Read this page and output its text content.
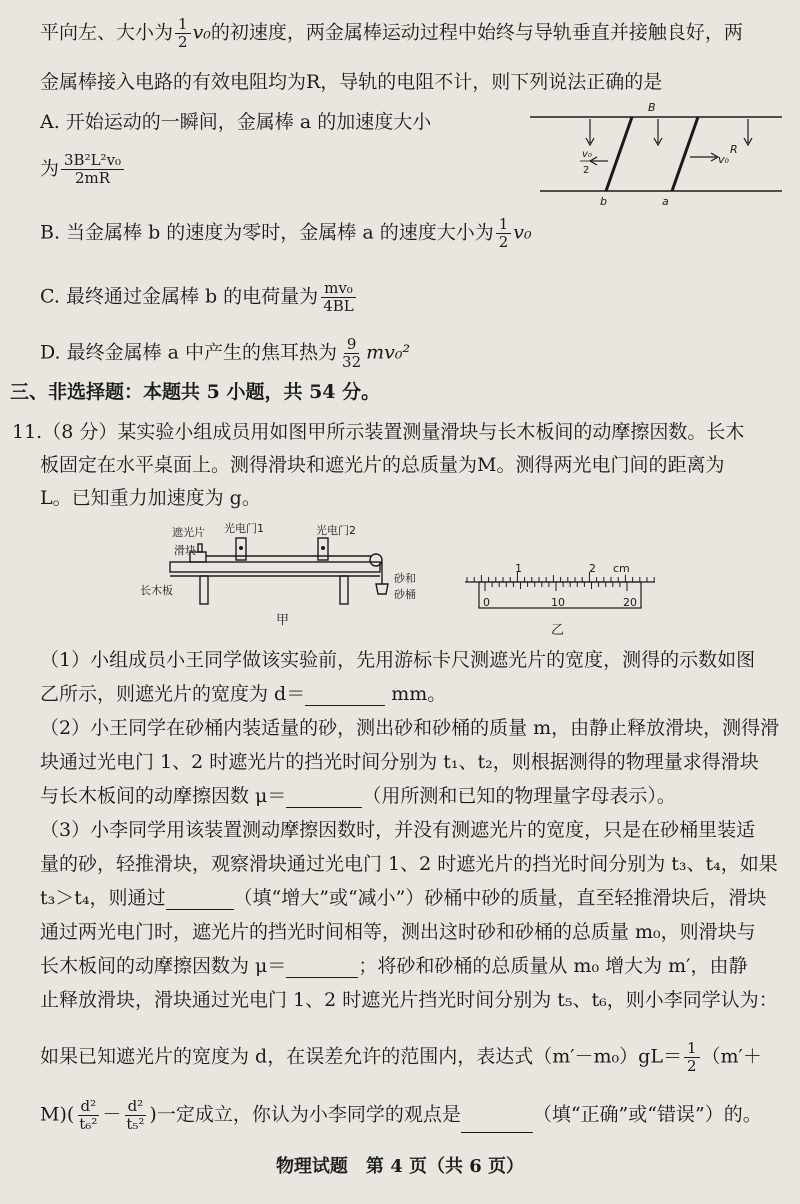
平向左、大小为 $\frac{1}{2} v_0$的初速度，两金属棒运动过程中始终与导轨垂直并接触良好，两
金属棒接入电路的有效电阻均为R，导轨的电阻不计，则下列说法正确的是
A. 开始运动的一瞬间，金属棒 a 的加速度大小
为 $\frac{\text{3B²L²v₀}}{2mR}$
B
R
v₀
v₀
2
b	a
B. 当金属棒 b 的速度为零时，金属棒 a 的速度大小为 $\frac{1}{2} v_0$
C. 最终通过金属棒 b 的电荷量为 $\frac{\text{mv₀}}{4BL}$
D. 最终金属棒 a 中产生的焦耳热为 $\frac{9}{32} mv_0^2$
三、非选择题：本题共 5 小题，共 54 分。
11.（8 分）某实验小组成员用如图甲所示装置测量滑块与长木板间的动摩擦因数。长木
板固定在水平桌面上。测得滑块和遮光片的总质量为M。测得两光电门间的距离为
L。已知重力加速度为 g。
遮光片
滑块
光电门1	光电门2
长木板
砂和
砂桶
甲
1	2 cm
0	10	20
乙
（1）小组成员小王同学做该实验前，先用游标卡尺测遮光片的宽度，测得的示数如图
乙所示，则遮光片的宽度为 d＝	mm。
（2）小王同学在砂桶内装适量的砂，测出砂和砂桶的质量 m，由静止释放滑块，测得滑
块通过光电门 1、2 时遮光片的挡光时间分别为 t₁、t₂，则根据测得的物理量求得滑块
与长木板间的动摩擦因数 μ＝	（用所测和已知的物理量字母表示）。
（3）小李同学用该装置测动摩擦因数时，并没有测遮光片的宽度，只是在砂桶里装适
量的砂，轻推滑块，观察滑块通过光电门 1、2 时遮光片的挡光时间分别为 t₃、t₄，如果
t₃＞t₄，则通过	（填“增大”或“减小”）砂桶中砂的质量，直至轻推滑块后，滑块
通过两光电门时，遮光片的挡光时间相等，测出这时砂和砂桶的总质量 m₀，则滑块与
长木板间的动摩擦因数为 μ＝	；将砂和砂桶的总质量从 m₀ 增大为 m′，由静
止释放滑块，滑块通过光电门 1、2 时遮光片挡光时间分别为 t₅、t₆，则小李同学认为：
如果已知遮光片的宽度为 d，在误差允许的范围内，表达式$(m'-m_0)gL= \frac{1}{2} (m'+$
$M)( \frac{\text{d²}}{\text{t₆²}} - \frac{\text{d²}}{\text{t₅²}}$ )一定成立，你认为小李同学的观点是	（填“正确”或“错误”）的。
物理试题　第 4 页（共 6 页）
